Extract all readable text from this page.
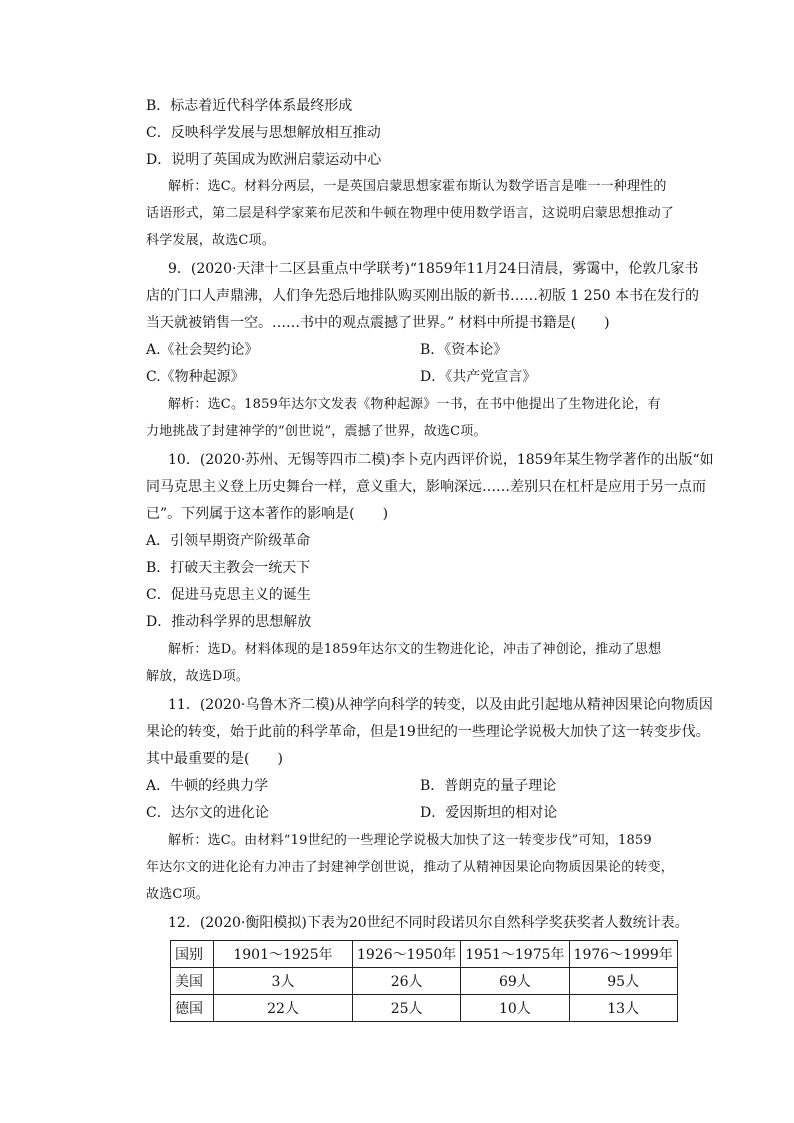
B．标志着近代科学体系最终形成
C．反映科学发展与思想解放相互推动
D．说明了英国成为欧洲启蒙运动中心
解析：选C。材料分两层，一是英国启蒙思想家霍布斯认为数学语言是唯一一种理性的
话语形式，第二层是科学家莱布尼茨和牛顿在物理中使用数学语言，这说明启蒙思想推动了
科学发展，故选C项。
9．(2020·天津十二区县重点中学联考)“1859年11月24日清晨，雾霭中，伦敦几家书
店的门口人声鼎沸，人们争先恐后地排队购买刚出版的新书……初版 1 250 本书在发行的
当天就被销售一空。……书中的观点震撼了世界。” 材料中所提书籍是(　　)
A.《社会契约论》	B．《资本论》
C.《物种起源》	D．《共产党宣言》
解析：选C。1859年达尔文发表《物种起源》一书，在书中他提出了生物进化论，有
力地挑战了封建神学的“创世说”，震撼了世界，故选C项。
10．(2020·苏州、无锡等四市二模)李卜克内西评价说，1859年某生物学著作的出版“如
同马克思主义登上历史舞台一样，意义重大，影响深远……差别只在杠杆是应用于另一点而
已”。下列属于这本著作的影响是(　　)
A．引领早期资产阶级革命
B．打破天主教会一统天下
C．促进马克思主义的诞生
D．推动科学界的思想解放
解析：选D。材料体现的是1859年达尔文的生物进化论，冲击了神创论，推动了思想
解放，故选D项。
11．(2020·乌鲁木齐二模)从神学向科学的转变，以及由此引起地从精神因果论向物质因
果论的转变，始于此前的科学革命，但是19世纪的一些理论学说极大加快了这一转变步伐。
其中最重要的是(　　)
A．牛顿的经典力学	B．普朗克的量子理论
C．达尔文的进化论	D．爱因斯坦的相对论
解析：选C。由材料“19世纪的一些理论学说极大加快了这一转变步伐”可知，1859
年达尔文的进化论有力冲击了封建神学创世说，推动了从精神因果论向物质因果论的转变，
故选C项。
12．(2020·衡阳模拟)下表为20世纪不同时段诺贝尔自然科学奖获奖者人数统计表。
国别	1901～1925年	1926～1950年	1951～1975年	1976～1999年
美国	3人	26人	69人	95人
德国	22人	25人	10人	13人
